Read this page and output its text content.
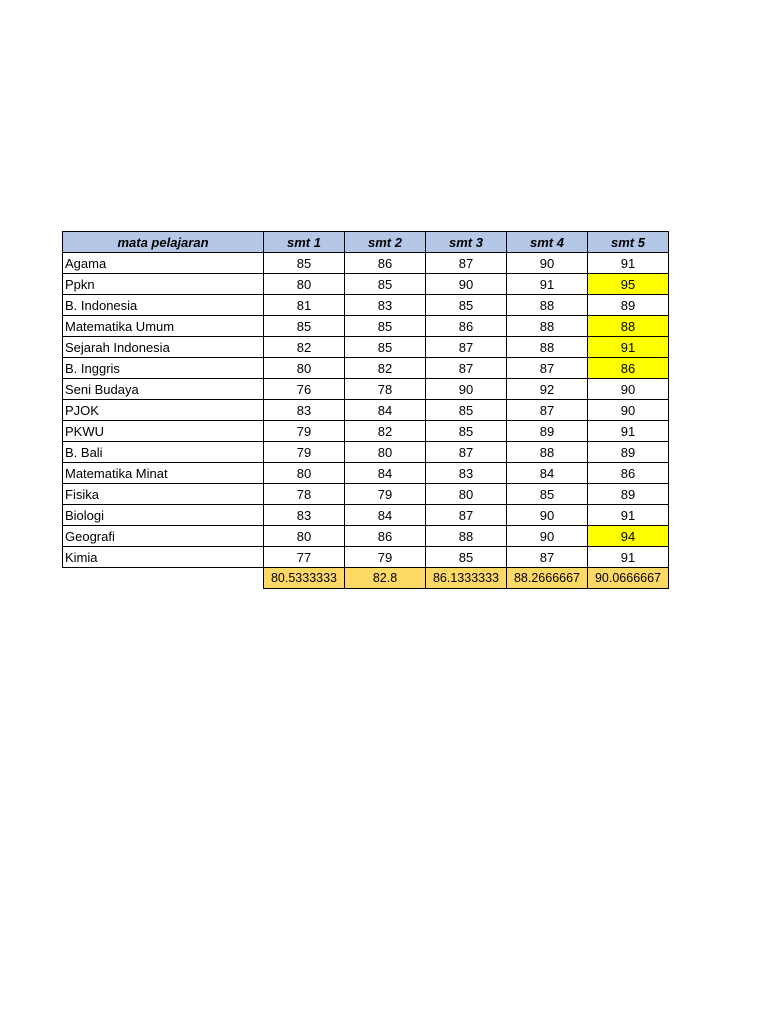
mata pelajaran	smt 1	smt 2	smt 3	smt 4	smt 5
Agama	85	86	87	90	91
Ppkn	80	85	90	91	95
B. Indonesia	81	83	85	88	89
Matematika Umum	85	85	86	88	88
Sejarah Indonesia	82	85	87	88	91
B. Inggris	80	82	87	87	86
Seni Budaya	76	78	90	92	90
PJOK	83	84	85	87	90
PKWU	79	82	85	89	91
B. Bali	79	80	87	88	89
Matematika Minat	80	84	83	84	86
Fisika	78	79	80	85	89
Biologi	83	84	87	90	91
Geografi	80	86	88	90	94
Kimia	77	79	85	87	91
	80.5333333	82.8	86.1333333	88.2666667	90.0666667
